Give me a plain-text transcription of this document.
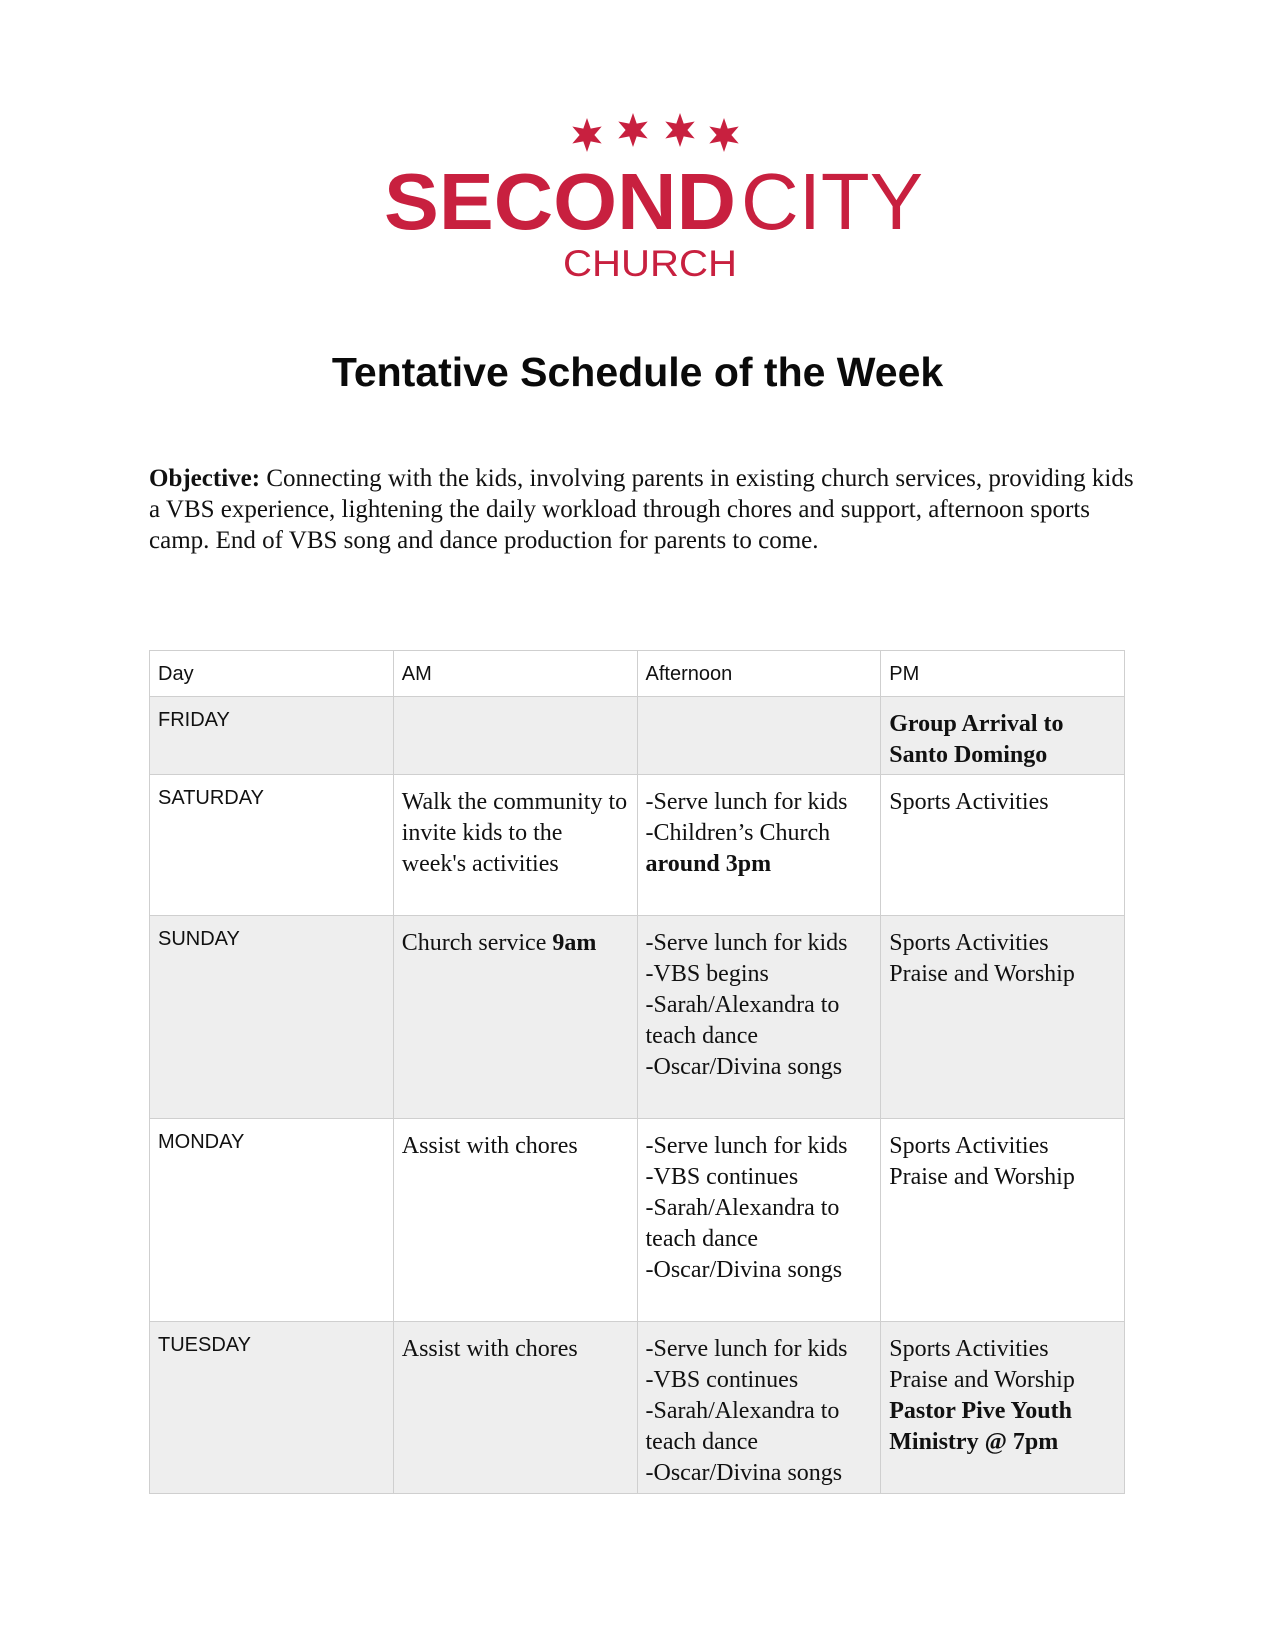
SECOND CITY
CHURCH
Tentative Schedule of the Week

Objective: Connecting with the kids, involving parents in existing church services, providing kids a VBS experience, lightening the daily workload through chores and support, afternoon sports camp. End of VBS song and dance production for parents to come.

Day	AM	Afternoon	PM
FRIDAY			Group Arrival to Santo Domingo

SATURDAY	Walk the community to invite kids to the week's activities	-Serve lunch for kids
-Children’s Church
around 3pm	Sports Activities

SUNDAY	Church service 9am	-Serve lunch for kids
-VBS begins
-Sarah/Alexandra to teach dance
-Oscar/Divina songs	Sports Activities
Praise and Worship

MONDAY	Assist with chores	-Serve lunch for kids
-VBS continues
-Sarah/Alexandra to teach dance
-Oscar/Divina songs	Sports Activities
Praise and Worship

TUESDAY	Assist with chores	-Serve lunch for kids
-VBS continues
-Sarah/Alexandra to teach dance
-Oscar/Divina songs	Sports Activities
Praise and Worship
Pastor Pive Youth Ministry @ 7pm
